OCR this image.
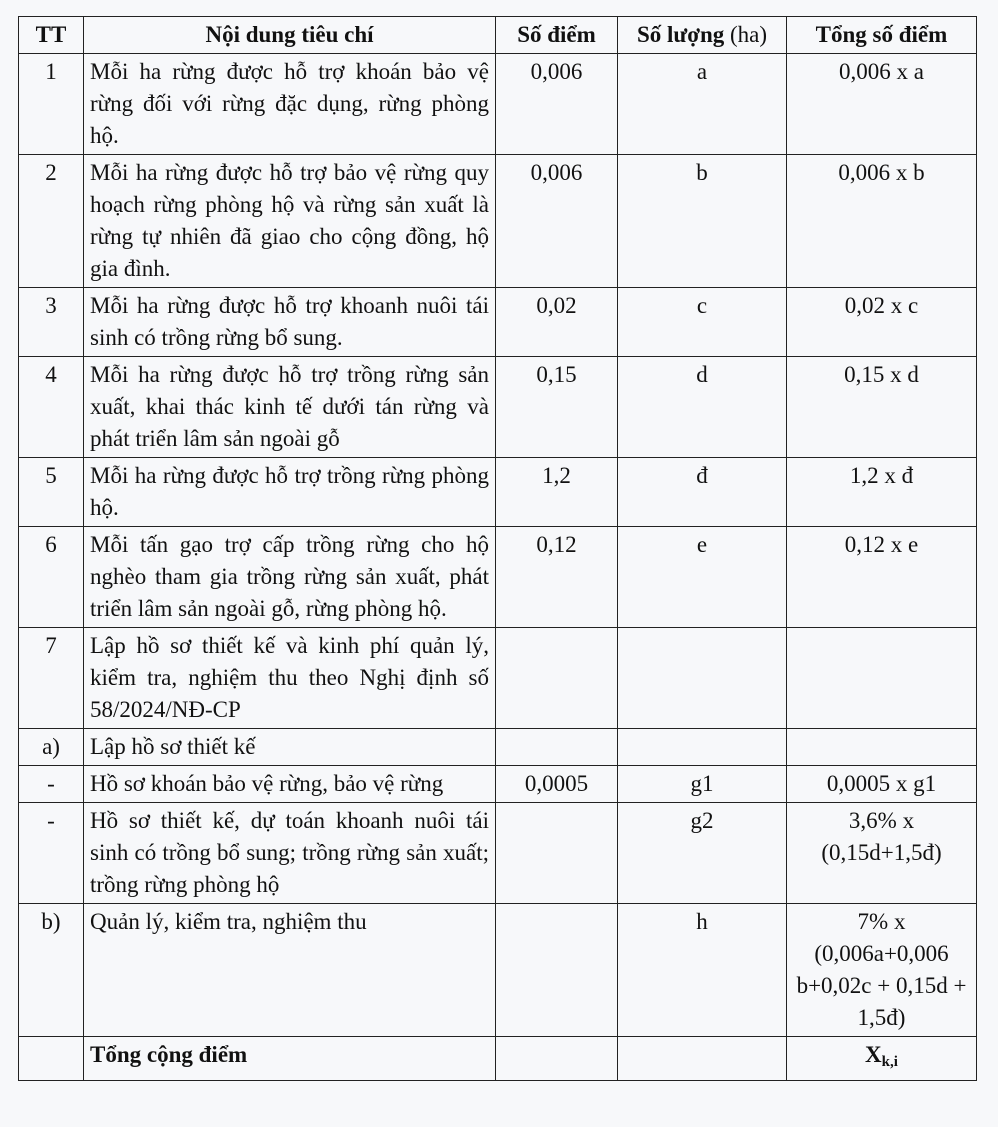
TT	Nội dung tiêu chí	Số điểm	Số lượng (ha)	Tổng số điểm
1	Mỗi ha rừng được hỗ trợ khoán bảo vệ rừng đối với rừng đặc dụng, rừng phòng hộ.	0,006	a	0,006 x a
2	Mỗi ha rừng được hỗ trợ bảo vệ rừng quy hoạch rừng phòng hộ và rừng sản xuất là rừng tự nhiên đã giao cho cộng đồng, hộ gia đình.	0,006	b	0,006 x b
3	Mỗi ha rừng được hỗ trợ khoanh nuôi tái sinh có trồng rừng bổ sung.	0,02	c	0,02 x c
4	Mỗi ha rừng được hỗ trợ trồng rừng sản xuất, khai thác kinh tế dưới tán rừng và phát triển lâm sản ngoài gỗ	0,15	d	0,15 x d
5	Mỗi ha rừng được hỗ trợ trồng rừng phòng hộ.	1,2	đ	1,2 x đ
6	Mỗi tấn gạo trợ cấp trồng rừng cho hộ nghèo tham gia trồng rừng sản xuất, phát triển lâm sản ngoài gỗ, rừng phòng hộ.	0,12	e	0,12 x e
7	Lập hồ sơ thiết kế và kinh phí quản lý, kiểm tra, nghiệm thu theo Nghị định số 58/2024/NĐ-CP			
a)	Lập hồ sơ thiết kế			
-	Hồ sơ khoán bảo vệ rừng, bảo vệ rừng	0,0005	g1	0,0005 x g1
-	Hồ sơ thiết kế, dự toán khoanh nuôi tái sinh có trồng bổ sung; trồng rừng sản xuất; trồng rừng phòng hộ		g2	3,6% x (0,15d+1,5đ)
b)	Quản lý, kiểm tra, nghiệm thu		h	7% x (0,006a+0,006 b+0,02c + 0,15d + 1,5đ)
	Tổng cộng điểm			$X_{k,i}$
